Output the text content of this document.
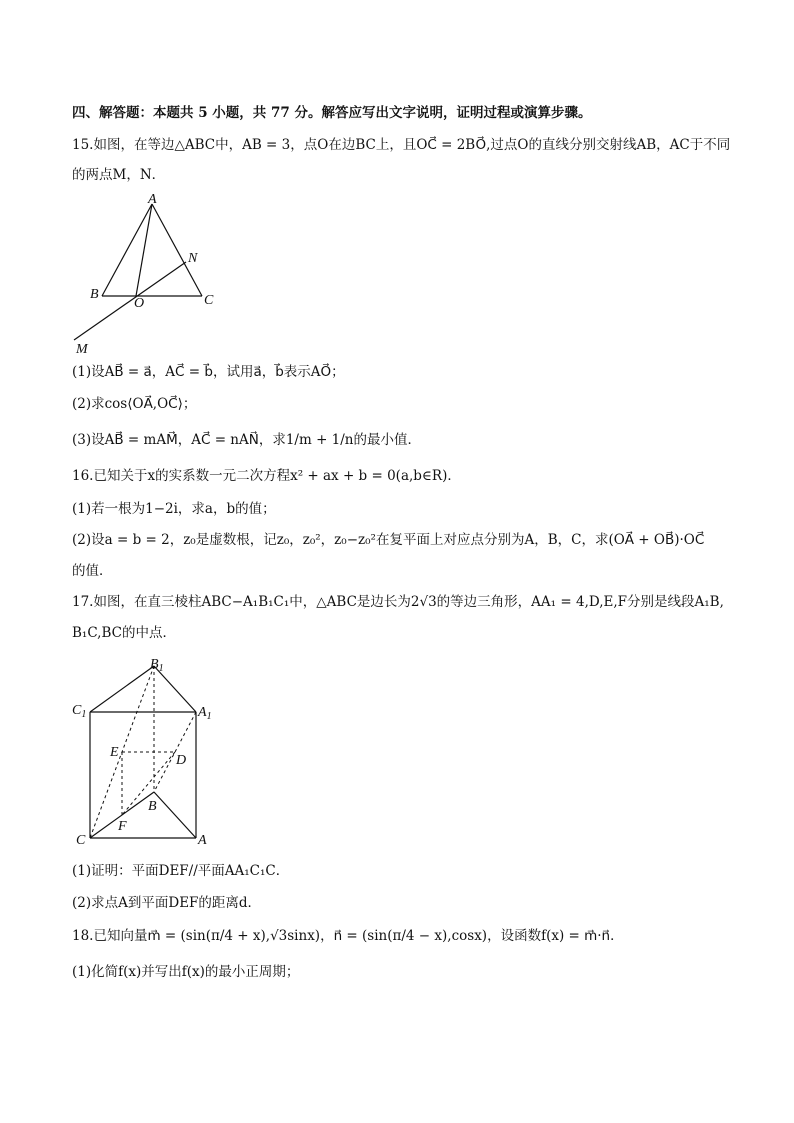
四、解答题：本题共 5 小题，共 77 分。解答应写出文字说明，证明过程或演算步骤。
15.如图，在等边△ABC中，AB = 3，点O在边BC上，且OC⃗ = 2BO⃗,过点O的直线分别交射线AB，AC于不同
的两点M，N．
A
B	C
O
N
M
(1)设AB⃗ = a⃗，AC⃗ = b⃗，试用a⃗，b⃗表示AO⃗；
(2)求cos⟨OA⃗,OC⃗⟩；
(3)设AB⃗ = mAM⃗，AC⃗ = nAN⃗，求1/m + 1/n的最小值．
16.已知关于x的实系数一元二次方程x² + ax + b = 0(a,b∈R)．
(1)若一根为1−2i，求a，b的值；
(2)设a = b = 2，z₀是虚数根，记z₀，z₀²，z₀−z₀²在复平面上对应点分别为A，B，C，求(OA⃗ + OB⃗)·OC⃗
的值．
17.如图，在直三棱柱ABC−A₁B₁C₁中，△ABC是边长为2√3的等边三角形，AA₁ = 4,D,E,F分别是线段A₁B,
B₁C,BC的中点．
$B_1$
$C_1$	$A_1$
E
D
B
F
C	A
(1)证明：平面DEF//平面AA₁C₁C．
(2)求点A到平面DEF的距离d．
18.已知向量m⃗ = (sin(π/4 + x),√3sinx)，n⃗ = (sin(π/4 − x),cosx)，设函数f(x) = m⃗·n⃗．
(1)化简f(x)并写出f(x)的最小正周期；
